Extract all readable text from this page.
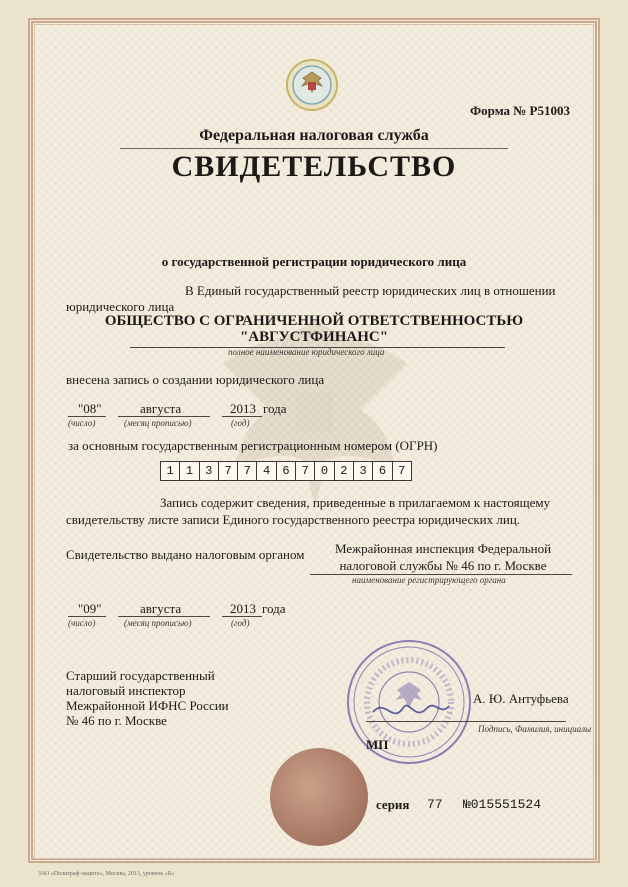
Форма № Р51003
Федеральная налоговая служба
СВИДЕТЕЛЬСТВО
о государственной регистрации юридического лица
В Единый государственный реестр юридических лиц в отношении
юридического лица
ОБЩЕСТВО С ОГРАНИЧЕННОЙ ОТВЕТСТВЕННОСТЬЮ
"АВГУСТФИНАНС"
полное наименование юридического лица
внесена запись о создании юридического лица
"08"	августа	2013 года
(число)	(месяц прописью)	(год)
за основным государственным регистрационным номером (ОГРН)
1	1	3	7	7	4	6	7	0	2	3	6	7
Запись содержит сведения, приведенные в прилагаемом к настоящему
свидетельству листе записи Единого государственного реестра юридических лиц.
Свидетельство выдано налоговым органом	Межрайонная инспекция Федеральной
налоговой службы № 46 по г. Москве
наименование регистрирующего органа
"09"	августа	2013 года
(число)	(месяц прописью)	(год)
Старший государственный
налоговый инспектор
Межрайонной ИФНС России
№ 46 по г. Москве
А. Ю. Антуфьева
Подпись, Фамилия, инициалы
МП
серия 77 №015551524
ЗАО «Полиграф-защита», Москва, 2013, уровень «Б»
